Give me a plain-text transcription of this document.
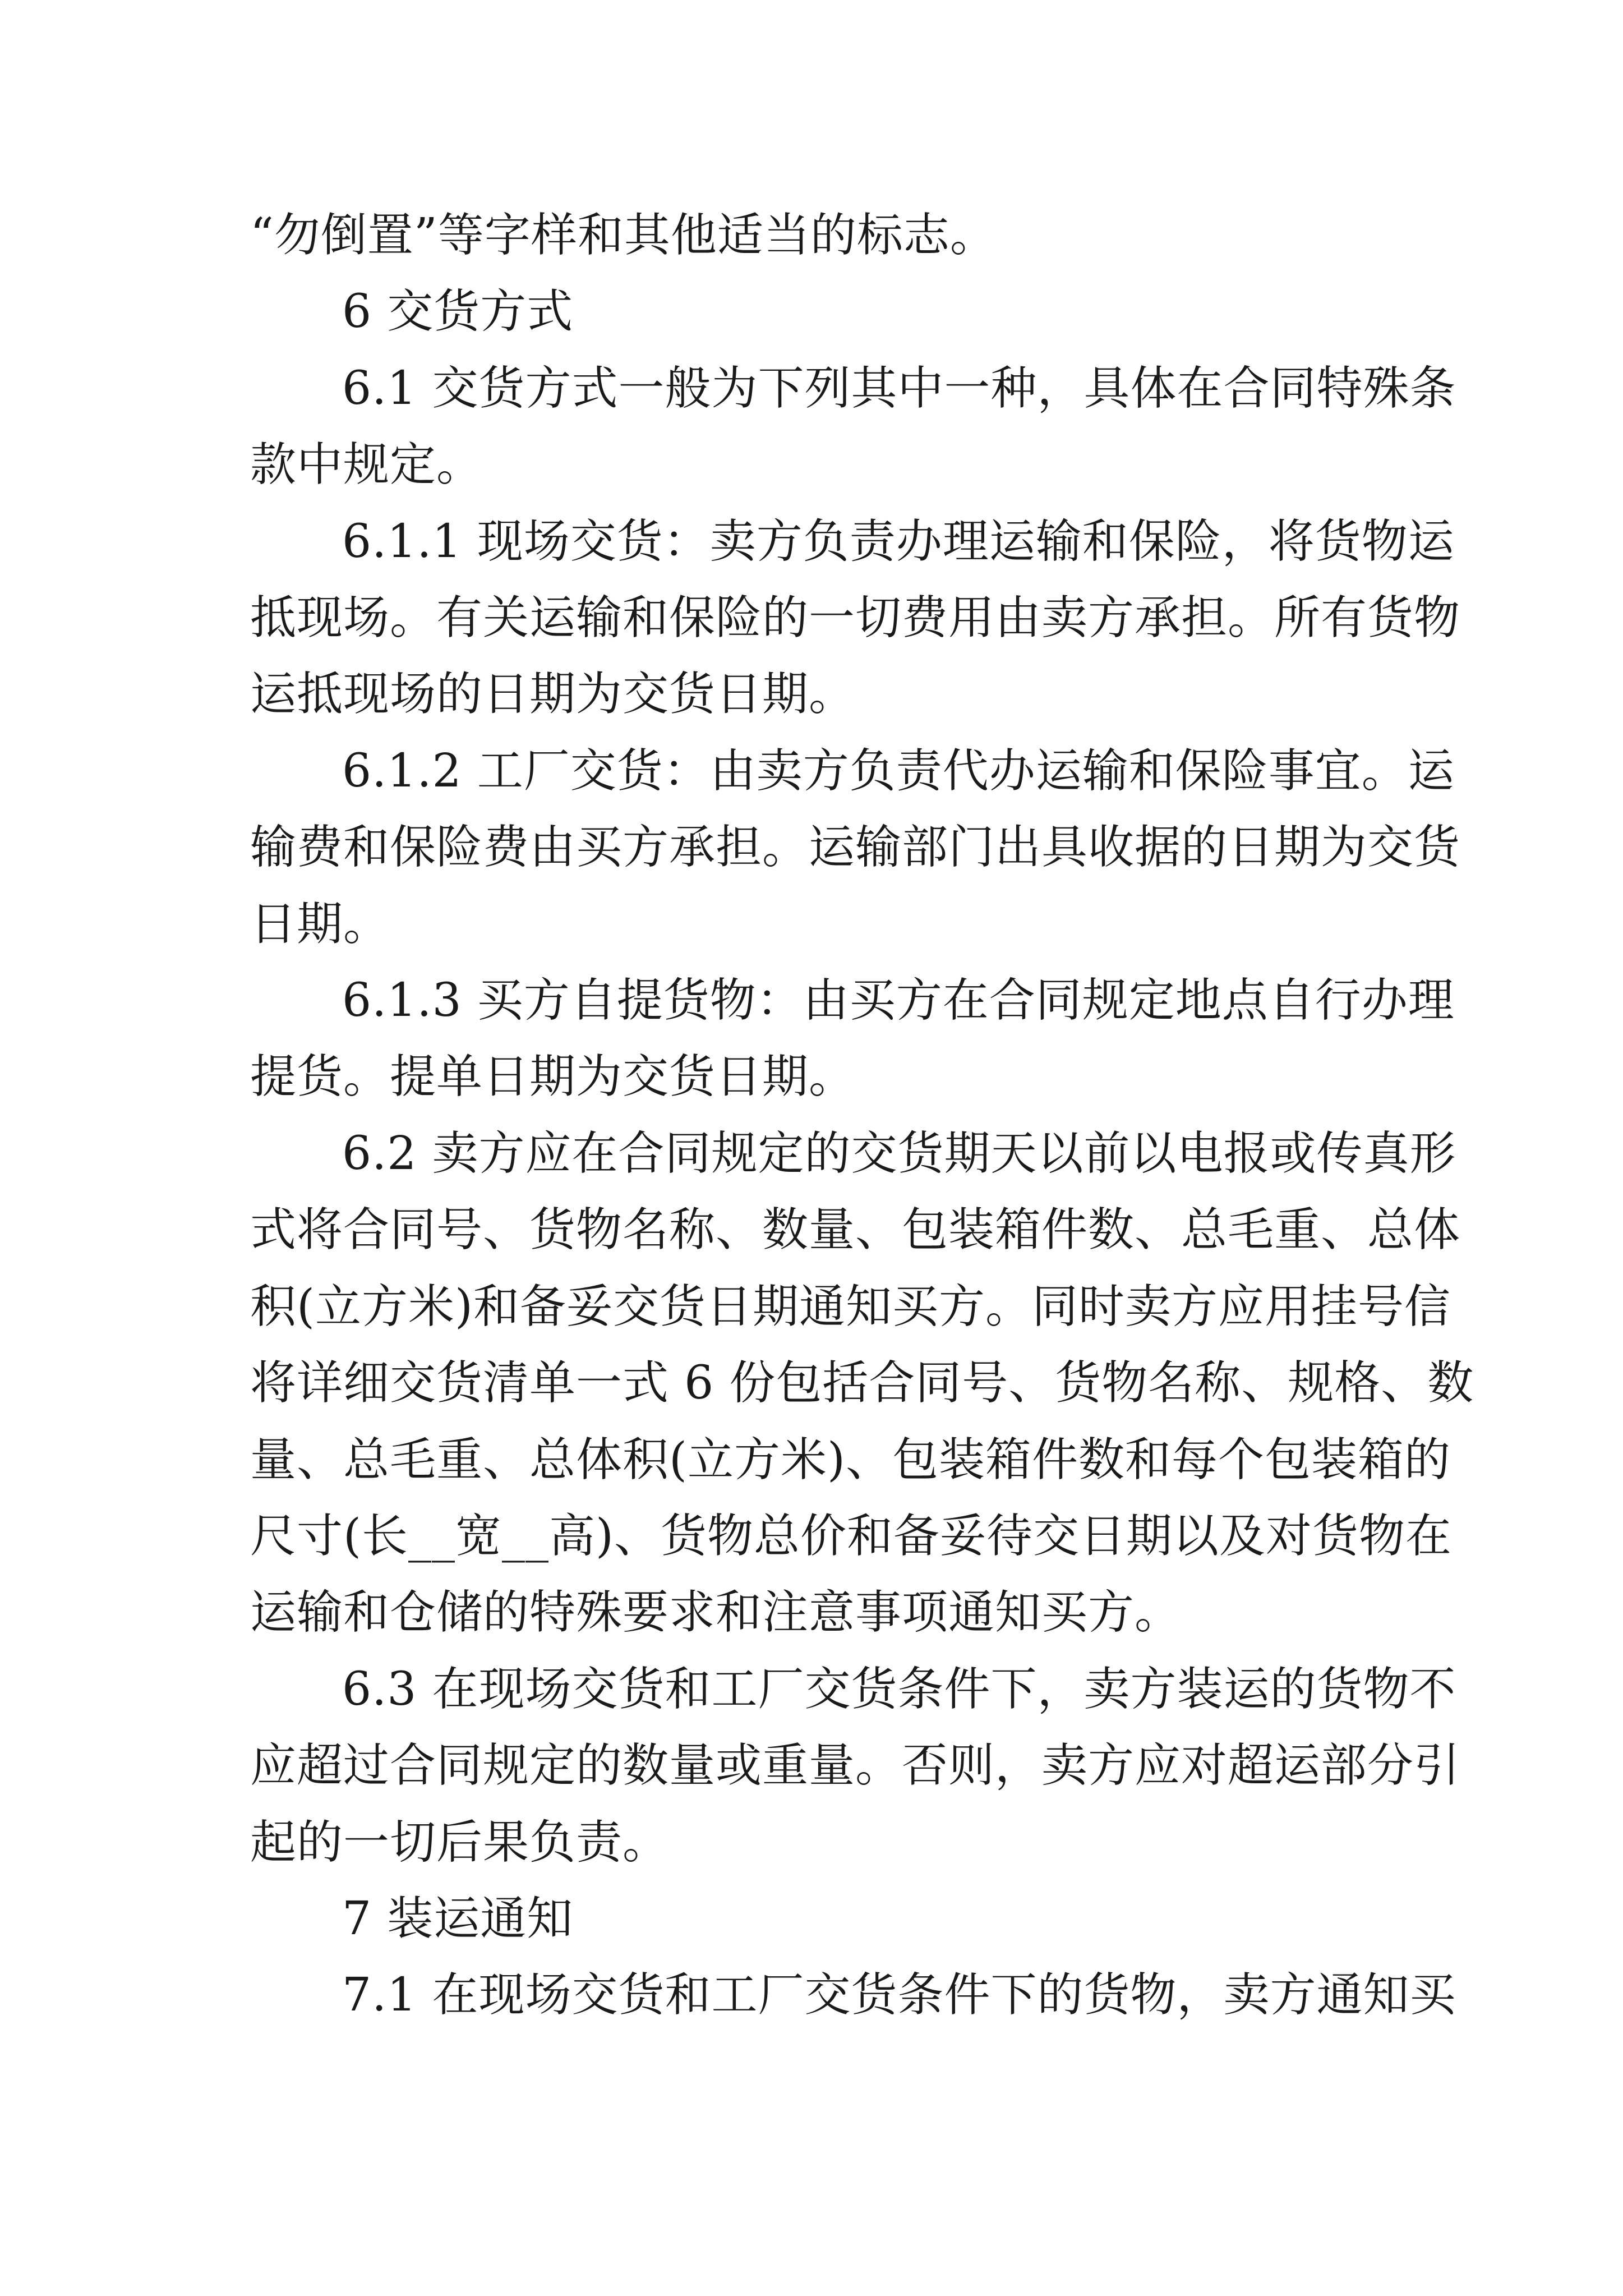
“勿倒置”等字样和其他适当的标志。

6 交货方式

6.1 交货方式一般为下列其中一种，具体在合同特殊条
款中规定。

6.1.1 现场交货：卖方负责办理运输和保险，将货物运
抵现场。有关运输和保险的一切费用由卖方承担。所有货物
运抵现场的日期为交货日期。

6.1.2 工厂交货：由卖方负责代办运输和保险事宜。运
输费和保险费由买方承担。运输部门出具收据的日期为交货
日期。

6.1.3 买方自提货物：由买方在合同规定地点自行办理
提货。提单日期为交货日期。

6.2 卖方应在合同规定的交货期天以前以电报或传真形
式将合同号、货物名称、数量、包装箱件数、总毛重、总体
积(立方米)和备妥交货日期通知买方。同时卖方应用挂号信
将详细交货清单一式 6 份包括合同号、货物名称、规格、数
量、总毛重、总体积(立方米)、包装箱件数和每个包装箱的
尺寸(长__宽__高)、货物总价和备妥待交日期以及对货物在
运输和仓储的特殊要求和注意事项通知买方。

6.3 在现场交货和工厂交货条件下，卖方装运的货物不
应超过合同规定的数量或重量。否则，卖方应对超运部分引
起的一切后果负责。

7 装运通知

7.1 在现场交货和工厂交货条件下的货物，卖方通知买
